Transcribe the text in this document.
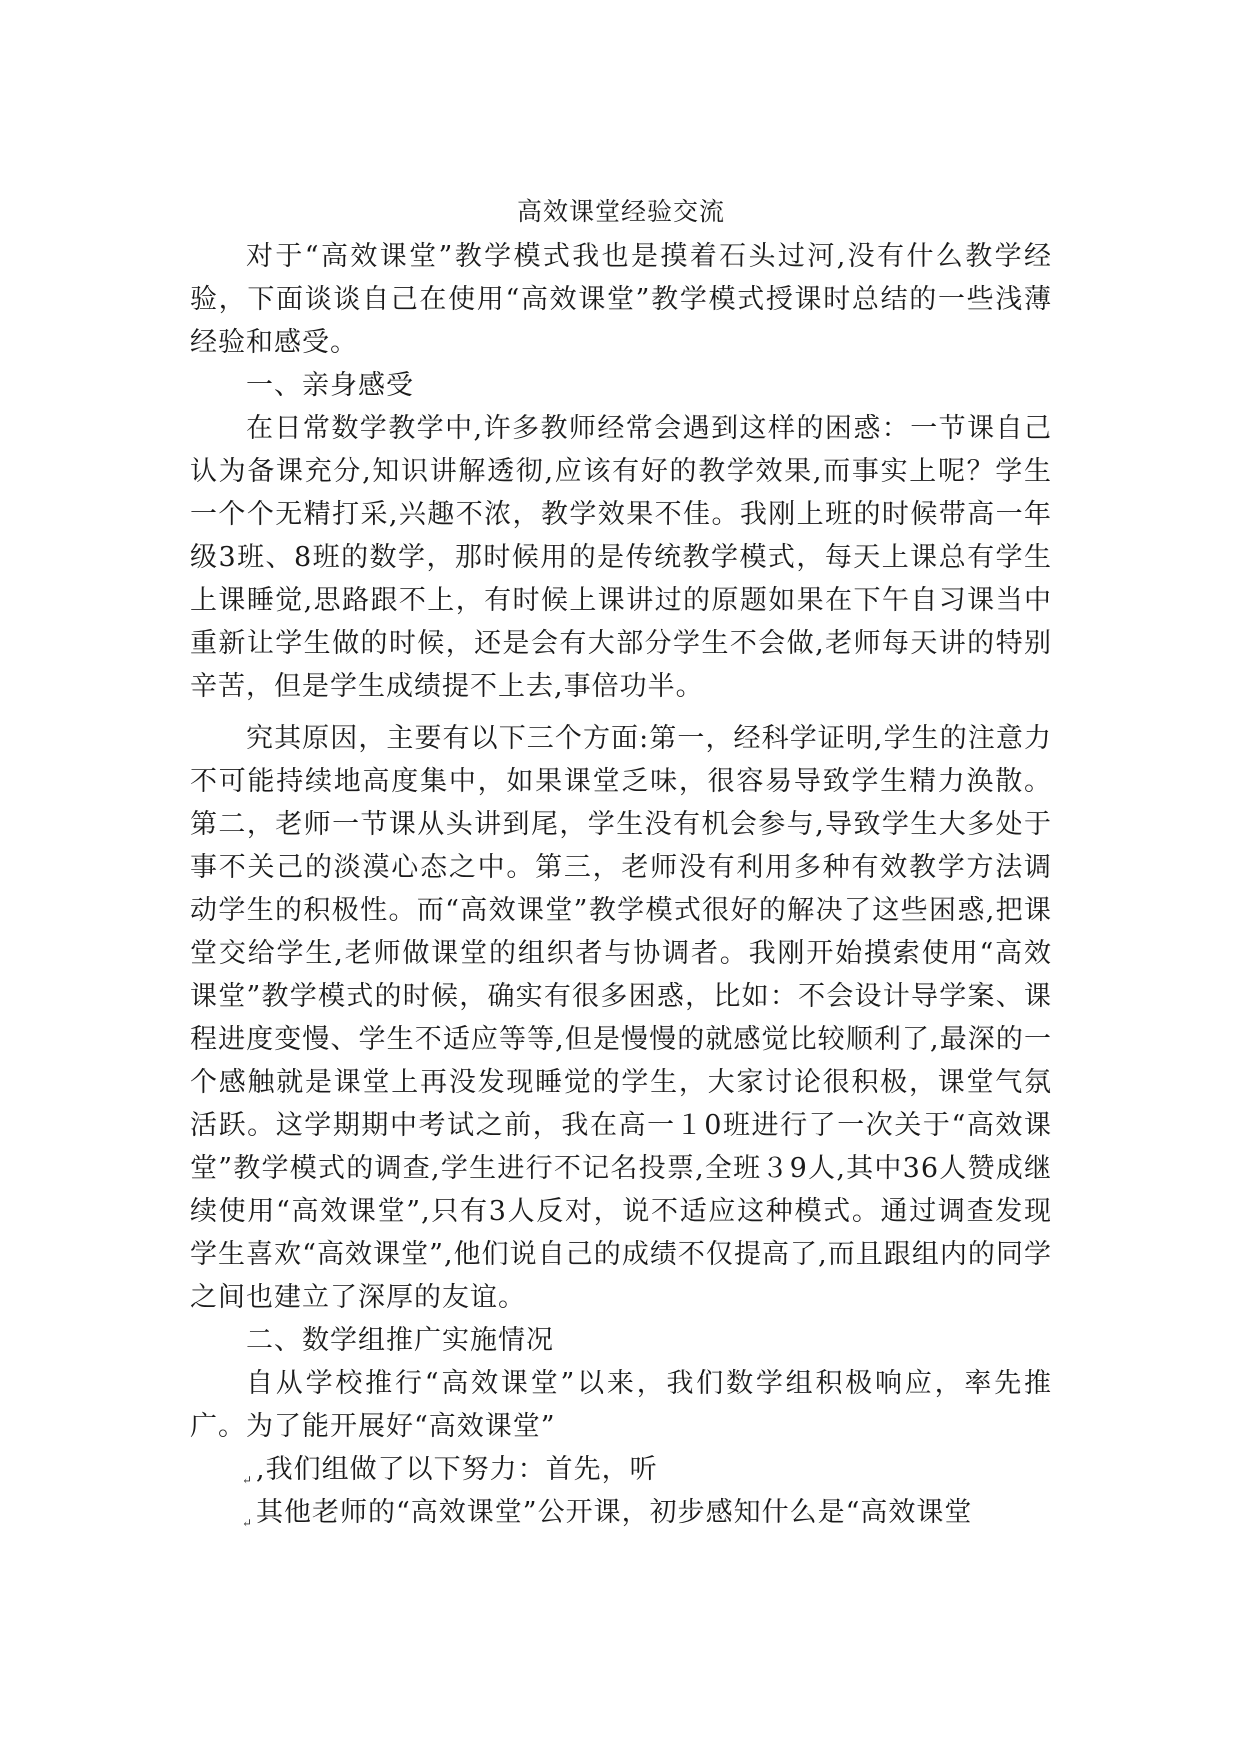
高效课堂经验交流

对于“高效课堂”教学模式我也是摸着石头过河,没有什么教学经验，下面谈谈自己在使用“高效课堂”教学模式授课时总结的一些浅薄经验和感受。

一、亲身感受

在日常数学教学中,许多教师经常会遇到这样的困惑：一节课自己认为备课充分,知识讲解透彻,应该有好的教学效果,而事实上呢？学生一个个无精打采,兴趣不浓，教学效果不佳。我刚上班的时候带高一年级3班、8班的数学，那时候用的是传统教学模式，每天上课总有学生上课睡觉,思路跟不上，有时候上课讲过的原题如果在下午自习课当中重新让学生做的时候，还是会有大部分学生不会做,老师每天讲的特别辛苦，但是学生成绩提不上去,事倍功半。

究其原因，主要有以下三个方面:第一，经科学证明,学生的注意力不可能持续地高度集中，如果课堂乏味，很容易导致学生精力涣散。第二，老师一节课从头讲到尾，学生没有机会参与,导致学生大多处于事不关己的淡漠心态之中。第三，老师没有利用多种有效教学方法调动学生的积极性。而“高效课堂”教学模式很好的解决了这些困惑,把课堂交给学生,老师做课堂的组织者与协调者。我刚开始摸索使用“高效课堂”教学模式的时候，确实有很多困惑，比如：不会设计导学案、课程进度变慢、学生不适应等等,但是慢慢的就感觉比较顺利了,最深的一个感触就是课堂上再没发现睡觉的学生，大家讨论很积极，课堂气氛活跃。这学期期中考试之前，我在高一１0班进行了一次关于“高效课堂”教学模式的调查,学生进行不记名投票,全班３9人,其中36人赞成继续使用“高效课堂”,只有3人反对，说不适应这种模式。通过调查发现学生喜欢“高效课堂”,他们说自己的成绩不仅提高了,而且跟组内的同学之间也建立了深厚的友谊。

二、数学组推广实施情况

自从学校推行“高效课堂”以来，我们数学组积极响应，率先推广。为了能开展好“高效课堂”

↵ ,我们组做了以下努力：首先，听

↵ 其他老师的“高效课堂”公开课，初步感知什么是“高效课堂
